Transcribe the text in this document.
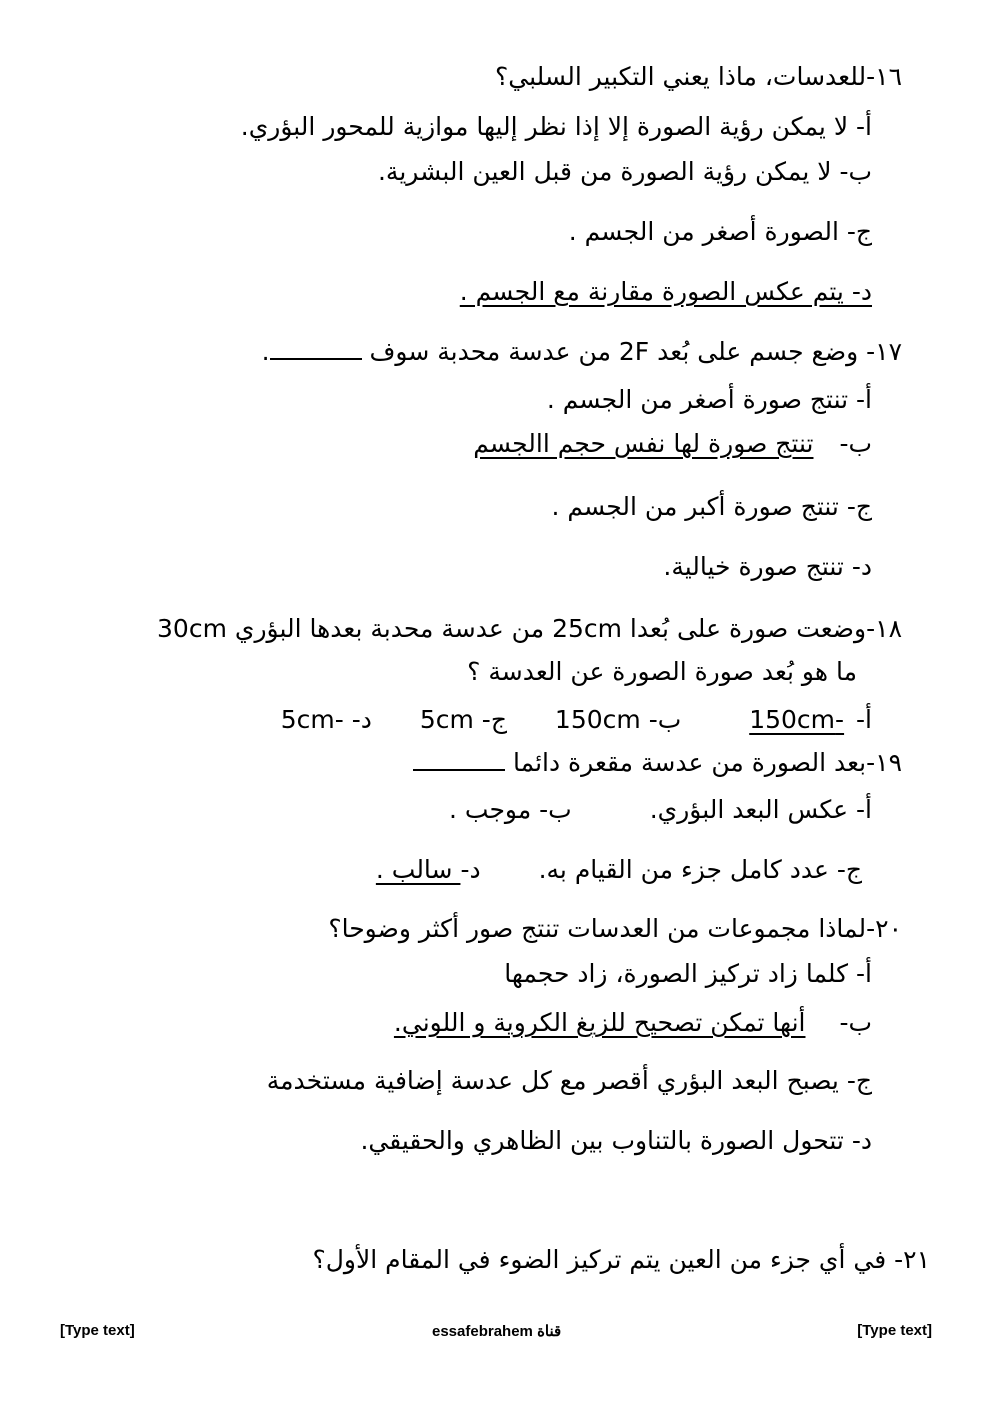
١٦-للعدسات، ماذا يعني التكبير السلبي؟
أ- لا يمكن رؤية الصورة إلا إذا نظر إليها موازية للمحور البؤري.
ب- لا يمكن رؤية الصورة من قبل العين البشرية.
ج- الصورة أصغر من الجسم .
د- يتم عكس الصورة مقارنة مع الجسم .
١٧- وضع جسم على بُعد 2F من عدسة محدبة سوف .
أ- تنتج صورة أصغر من الجسم .
ب- تنتج صورة لها نفس حجم االجسم
ج- تنتج صورة أكبر من الجسم .
د- تنتج صورة خيالية.
١٨-وضعت صورة على بُعدا 25cm من عدسة محدبة بعدها البؤري 30cm
ما هو بُعد صورة الصورة عن العدسة ؟
أ- -150cm ب- 150cm ج- 5cm د- -5cm
١٩-بعد الصورة من عدسة مقعرة دائما
أ- عكس البعد البؤري. ب- موجب .
ج- عدد كامل جزء من القيام به. د- سالب .
٢٠-لماذا مجموعات من العدسات تنتج صور أكثر وضوحا؟
أ- كلما زاد تركيز الصورة، زاد حجمها
ب- أنها تمكن تصحيح للزيغ الكروية و اللوني.
ج- يصبح البعد البؤري أقصر مع كل عدسة إضافية مستخدمة
د- تتحول الصورة بالتناوب بين الظاهري والحقيقي.
٢١- في أي جزء من العين يتم تركيز الضوء في المقام الأول؟
[Type text]	essafebrahem قناة	[Type text]
